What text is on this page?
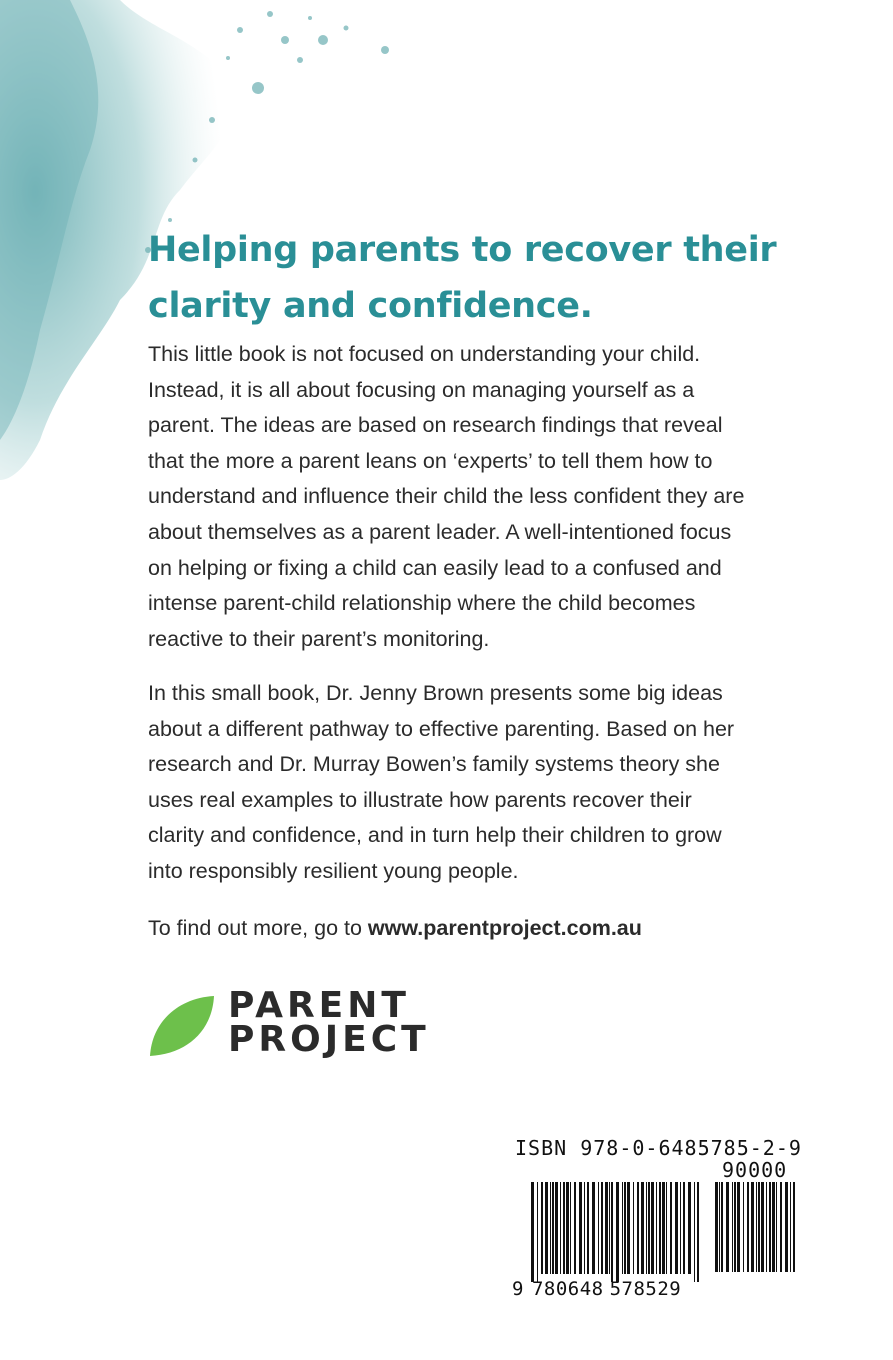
Helping parents to recover their clarity and confidence.

This little book is not focused on understanding your child. Instead, it is all about focusing on managing yourself as a parent. The ideas are based on research findings that reveal that the more a parent leans on ‘experts’ to tell them how to understand and influence their child the less confident they are about themselves as a parent leader. A well-intentioned focus on helping or fixing a child can easily lead to a confused and intense parent-child relationship where the child becomes reactive to their parent’s monitoring.

In this small book, Dr. Jenny Brown presents some big ideas about a different pathway to effective parenting. Based on her research and Dr. Murray Bowen’s family systems theory she uses real examples to illustrate how parents recover their clarity and confidence, and in turn help their children to grow into responsibly resilient young people.

To find out more, go to www.parentproject.com.au

PARENT
PROJECT
ISBN 978-0-6485785-2-9
90000
9 780648 578529
